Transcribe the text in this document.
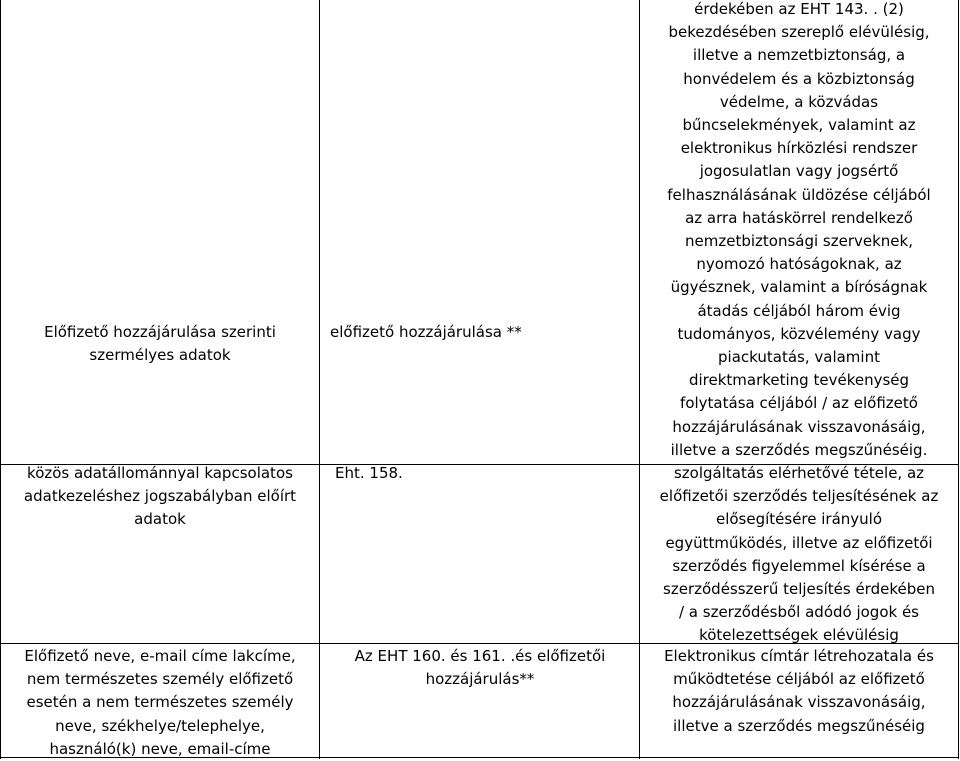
Előfizető hozzájárulása szerinti
szermélyes adatok
előfizető hozzájárulása **
érdekében az EHT 143. . (2)
bekezdésében szereplő elévülésig,
illetve a nemzetbiztonság, a
honvédelem és a közbiztonság
védelme, a közvádas
bűncselekmények, valamint az
elektronikus hírközlési rendszer
jogosulatlan vagy jogsértő
felhasználásának üldözése céljából
az arra hatáskörrel rendelkező
nemzetbiztonsági szerveknek,
nyomozó hatóságoknak, az
ügyésznek, valamint a bíróságnak
átadás céljából három évig
tudományos, közvélemény vagy
piackutatás, valamint
direktmarketing tevékenység
folytatása céljából / az előfizető
hozzájárulásának visszavonásáig,
illetve a szerződés megszűnéséig.
közös adatállománnyal kapcsolatos
adatkezeléshez jogszabályban előírt
adatok
Eht. 158.	szolgáltatás elérhetővé tétele, az
előfizetői szerződés teljesítésének az
elősegítésére irányuló
együttműködés, illetve az előfizetői
szerződés figyelemmel kísérése a
szerződésszerű teljesítés érdekében
/ a szerződésből adódó jogok és
kötelezettségek elévülésig
Előfizető neve, e-mail címe lakcíme,
nem természetes személy előfizető
esetén a nem természetes személy
neve, székhelye/telephelye,
használó(k) neve, email-címe
Az EHT 160. és 161. .és előfizetői
hozzájárulás**
Elektronikus címtár létrehozatala és
működtetése céljából az előfizető
hozzájárulásának visszavonásáig,
illetve a szerződés megszűnéséig
